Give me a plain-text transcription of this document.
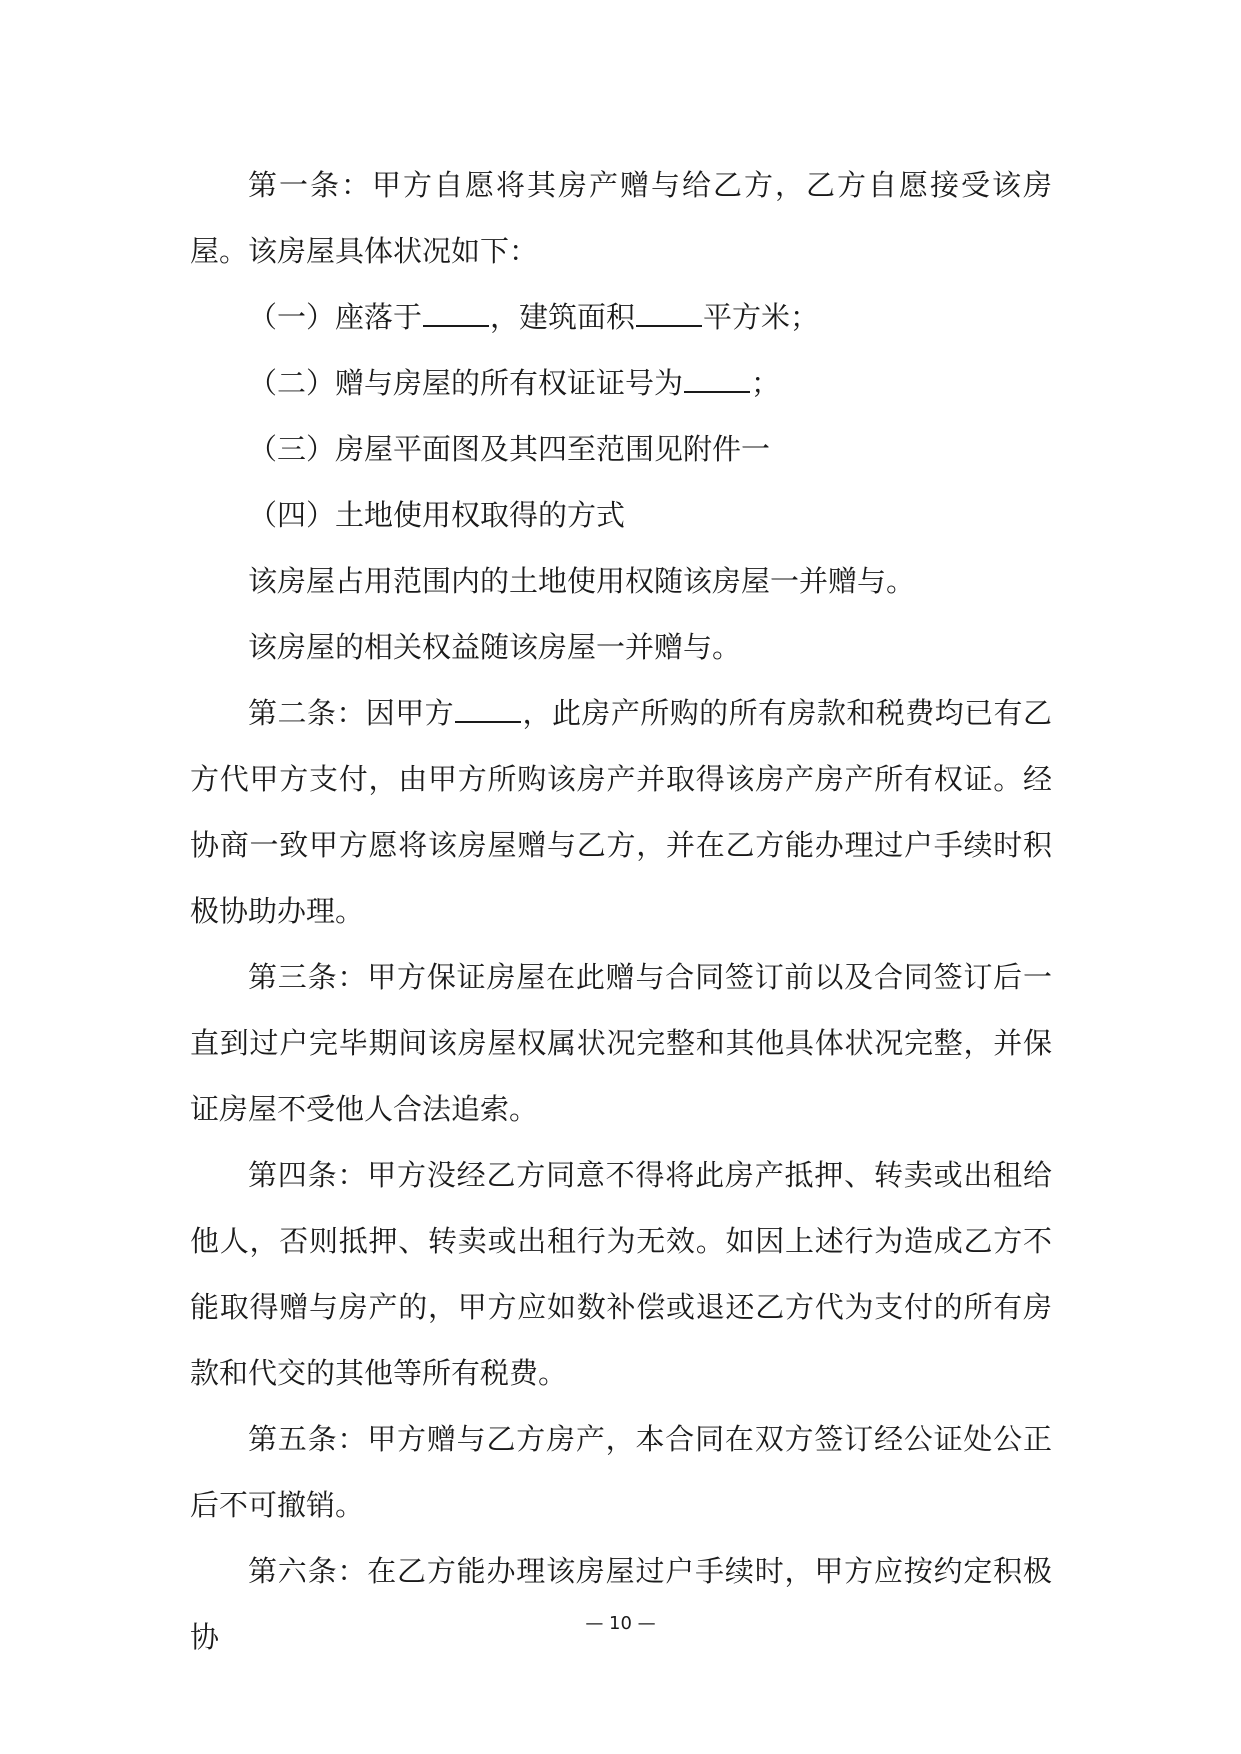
第一条：甲方自愿将其房产赠与给乙方，乙方自愿接受该房屋。该房屋具体状况如下：

（一）座落于 ，建筑面积 平方米；

（二）赠与房屋的所有权证证号为 ；

（三）房屋平面图及其四至范围见附件一

（四）土地使用权取得的方式

该房屋占用范围内的土地使用权随该房屋一并赠与。

该房屋的相关权益随该房屋一并赠与。

第二条：因甲方 ，此房产所购的所有房款和税费均已有乙方代甲方支付，由甲方所购该房产并取得该房产房产所有权证。经协商一致甲方愿将该房屋赠与乙方，并在乙方能办理过户手续时积极协助办理。

第三条：甲方保证房屋在此赠与合同签订前以及合同签订后一直到过户完毕期间该房屋权属状况完整和其他具体状况完整，并保证房屋不受他人合法追索。

第四条：甲方没经乙方同意不得将此房产抵押、转卖或出租给他人，否则抵押、转卖或出租行为无效。如因上述行为造成乙方不能取得赠与房产的，甲方应如数补偿或退还乙方代为支付的所有房款和代交的其他等所有税费。

第五条：甲方赠与乙方房产，本合同在双方签订经公证处公正后不可撤销。

第六条：在乙方能办理该房屋过户手续时，甲方应按约定积极协	— 10 —
